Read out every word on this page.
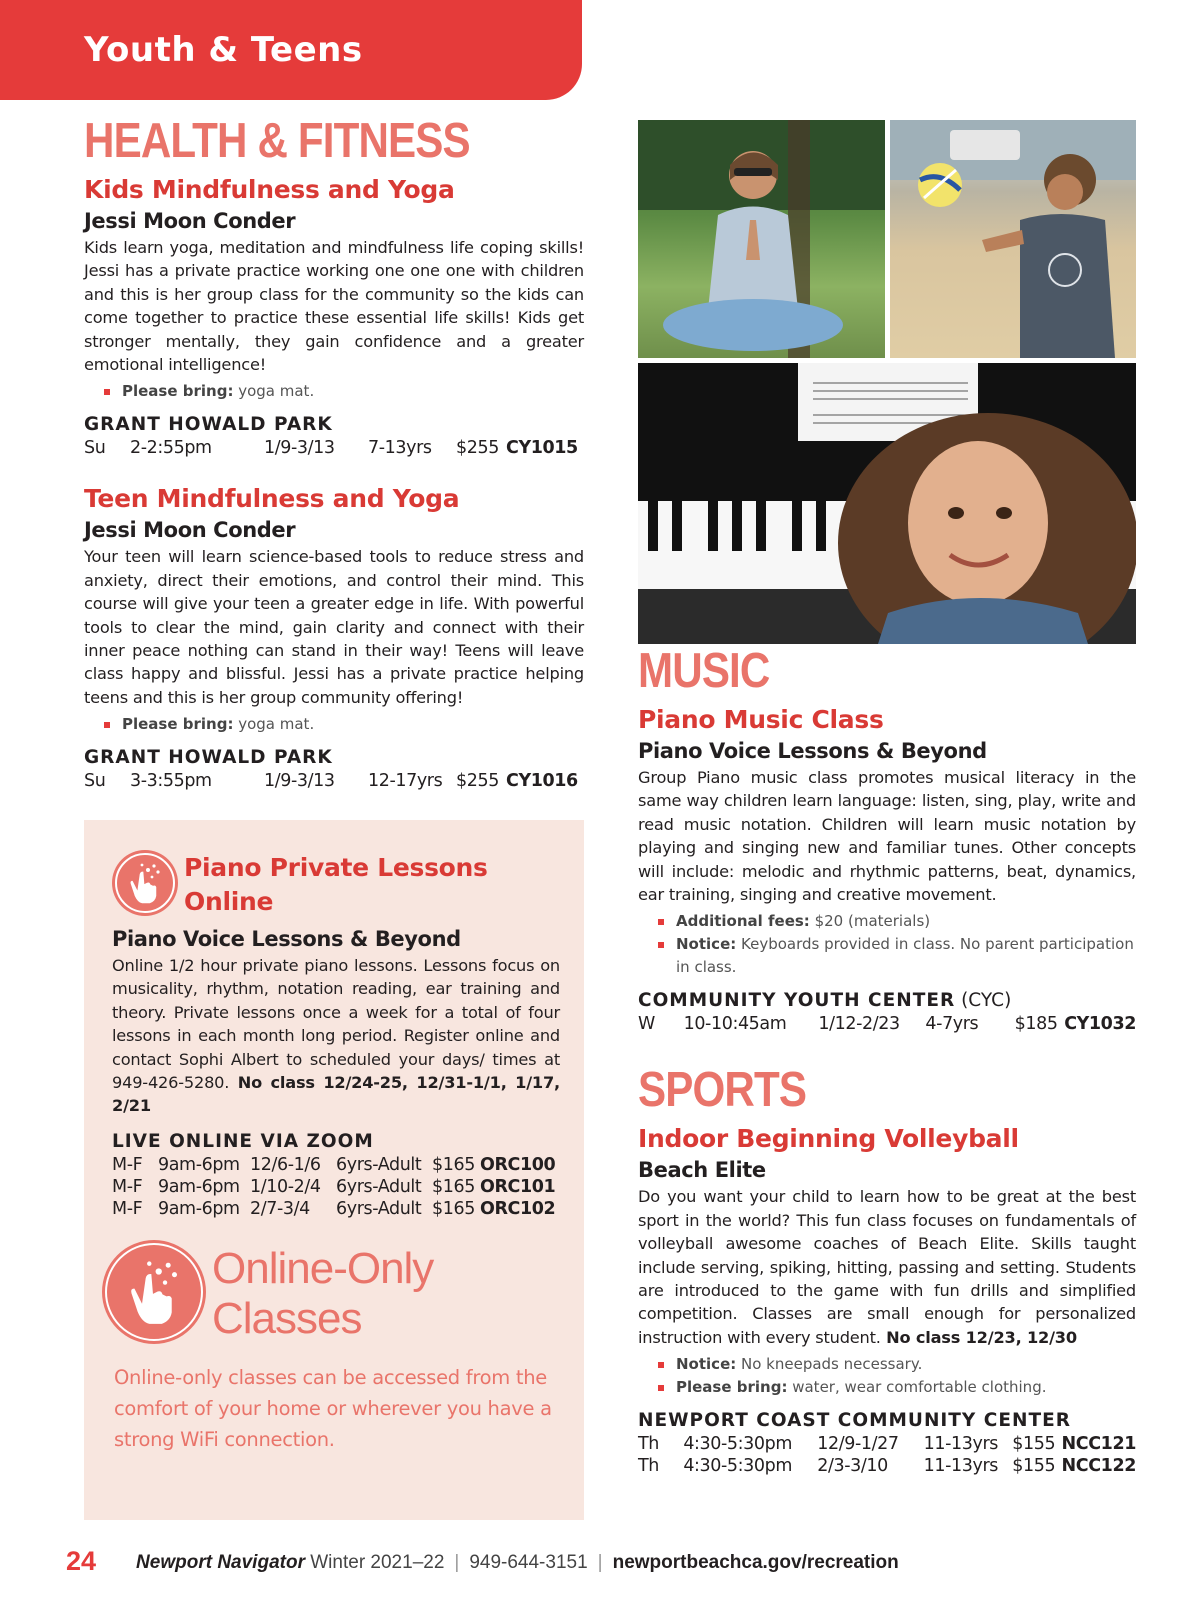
Youth & Teens
HEALTH & FITNESS
Kids Mindfulness and Yoga
Jessi Moon Conder

Kids learn yoga, meditation and mindfulness life coping skills! Jessi has a private practice working one one one with children and this is her group class for the community so the kids can come together to practice these essential life skills! Kids get stronger mentally, they gain confidence and a greater emotional intelligence!

Please bring: yoga mat.
GRANT HOWALD PARK
Su	2-2:55pm	1/9-3/13	7-13yrs	$255 CY1015
Teen Mindfulness and Yoga
Jessi Moon Conder

Your teen will learn science-based tools to reduce stress and anxiety, direct their emotions, and control their mind. This course will give your teen a greater edge in life. With powerful tools to clear the mind, gain clarity and connect with their inner peace nothing can stand in their way! Teens will leave class happy and blissful. Jessi has a private practice helping teens and this is her group community offering!

Please bring: yoga mat.
GRANT HOWALD PARK
Su	3-3:55pm	1/9-3/13	12-17yrs $255 CY1016
Piano Private Lessons
Online
Piano Voice Lessons & Beyond

Online 1/2 hour private piano lessons. Lessons focus on musicality, rhythm, notation reading, ear training and theory. Private lessons once a week for a total of four lessons in each month long period. Register online and contact Sophi Albert to scheduled your days/ times at 949-426-5280. No class 12/24-25, 12/31-1/1, 1/17, 2/21

LIVE ONLINE VIA ZOOM
M-F 9am-6pm 12/6-1/6 6yrs-Adult $165 ORC100
M-F 9am-6pm 1/10-2/4 6yrs-Adult $165 ORC101
M-F 9am-6pm 2/7-3/4	6yrs-Adult $165 ORC102
Online-Only
Classes

Online-only classes can be accessed from the comfort of your home or wherever you have a strong WiFi connection.

MUSIC
Piano Music Class
Piano Voice Lessons & Beyond

Group Piano music class promotes musical literacy in the same way children learn language: listen, sing, play, write and read music notation. Children will learn music notation by playing and singing new and familiar tunes. Other concepts will include: melodic and rhythmic patterns, beat, dynamics, ear training, singing and creative movement.

Additional fees: $20 (materials)
Notice: Keyboards provided in class. No parent participation in class.
COMMUNITY YOUTH CENTER (CYC)
W	10-10:45am	1/12-2/23	4-7yrs	$185 CY1032
SPORTS
Indoor Beginning Volleyball
Beach Elite

Do you want your child to learn how to be great at the best sport in the world? This fun class focuses on fundamentals of volleyball awesome coaches of Beach Elite. Skills taught include serving, spiking, hitting, passing and setting. Students are introduced to the game with fun drills and simplified competition. Classes are small enough for personalized instruction with every student. No class 12/23, 12/30

Notice: No kneepads necessary.
Please bring: water, wear comfortable clothing.
NEWPORT COAST COMMUNITY CENTER
Th	4:30-5:30pm	12/9-1/27	11-13yrs $155 NCC121
Th	4:30-5:30pm	2/3-3/10	11-13yrs $155 NCC122
24 Newport Navigator Winter 2021–22 | 949-644-3151 | newportbeachca.gov/recreation
